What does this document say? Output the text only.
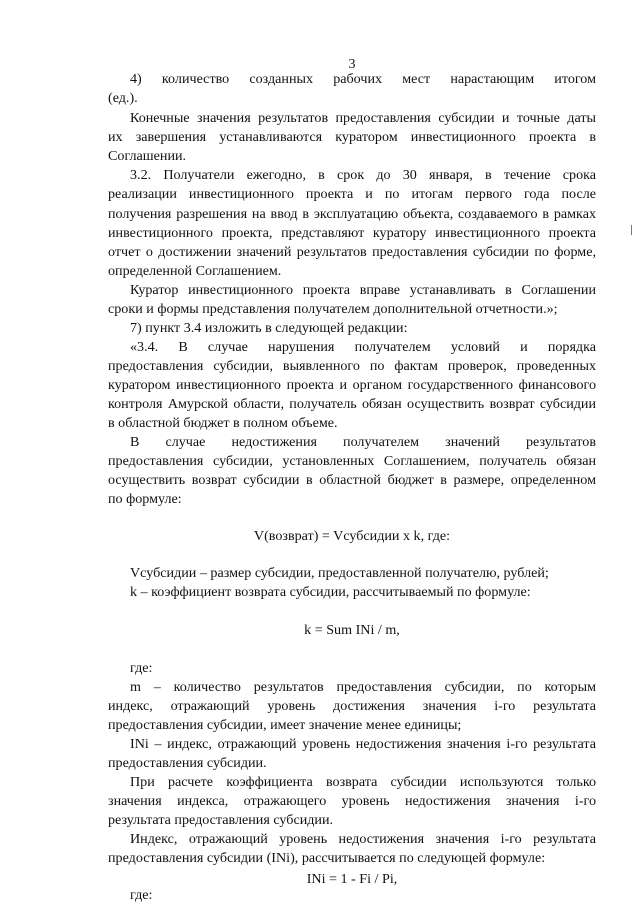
3
4) количество созданных рабочих мест нарастающим итогом
(ед.).
Конечные значения результатов предоставления субсидии и точные даты
их завершения устанавливаются куратором инвестиционного проекта в
Соглашении.
3.2. Получатели ежегодно, в срок до 30 января, в течение срока
реализации инвестиционного проекта и по итогам первого года после
получения разрешения на ввод в эксплуатацию объекта, создаваемого в рамках
инвестиционного проекта, представляют куратору инвестиционного проекта
отчет о достижении значений результатов предоставления субсидии по форме,
определенной Соглашением.
Куратор инвестиционного проекта вправе устанавливать в Соглашении
сроки и формы представления получателем дополнительной отчетности.»;
7) пункт 3.4 изложить в следующей редакции:
«3.4. В случае нарушения получателем условий и порядка
предоставления субсидии, выявленного по фактам проверок, проведенных
куратором инвестиционного проекта и органом государственного финансового
контроля Амурской области, получатель обязан осуществить возврат субсидии
в областной бюджет в полном объеме.
В случае недостижения получателем значений результатов
предоставления субсидии, установленных Соглашением, получатель обязан
осуществить возврат субсидии в областной бюджет в размере, определенном
по формуле:
V(возврат) = Vсубсидии x k, где:
Vсубсидии – размер субсидии, предоставленной получателю, рублей;
k – коэффициент возврата субсидии, рассчитываемый по формуле:
k = Sum INi / m,
где:
m – количество результатов предоставления субсидии, по которым
индекс, отражающий уровень достижения значения i-го результата
предоставления субсидии, имеет значение менее единицы;
INi – индекс, отражающий уровень недостижения значения i-го результата
предоставления субсидии.
При расчете коэффициента возврата субсидии используются только
значения индекса, отражающего уровень недостижения значения i-го
результата предоставления субсидии.
Индекс, отражающий уровень недостижения значения i-го результата
предоставления субсидии (INi), рассчитывается по следующей формуле:
INi = 1 - Fi / Pi,
где:
